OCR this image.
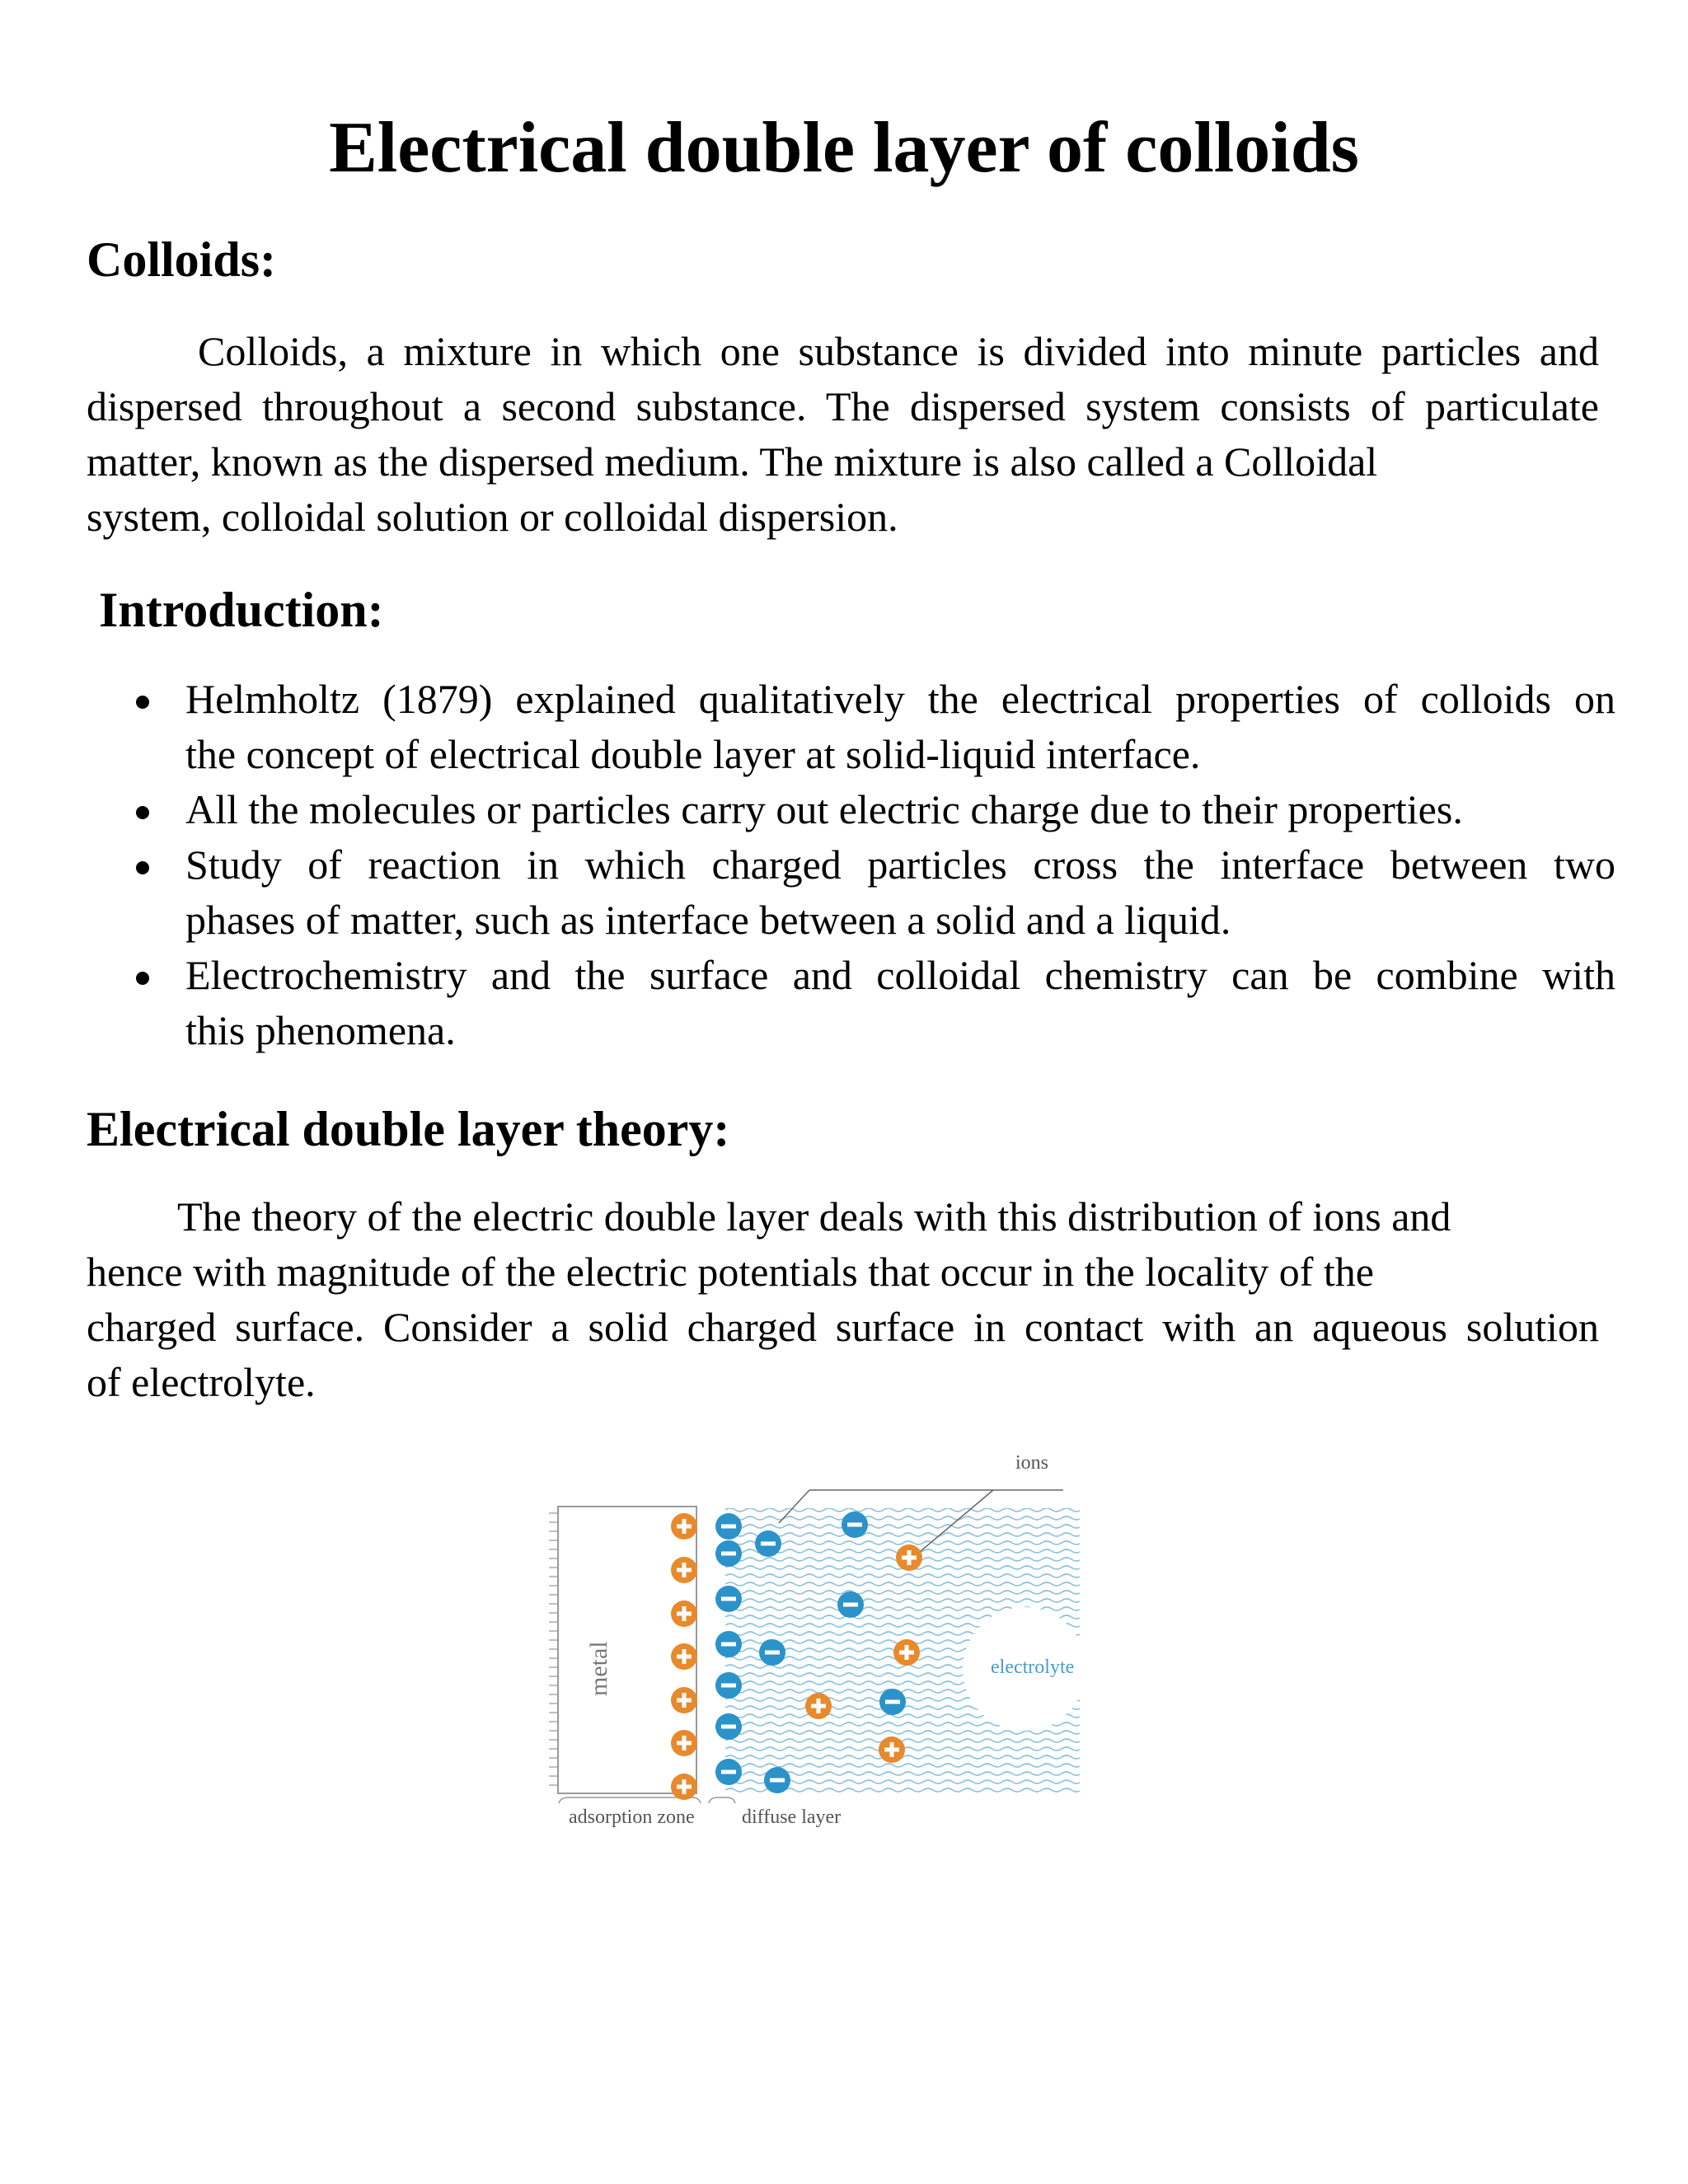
Electrical double layer of colloids
Colloids:
Colloids, a mixture in which one substance is divided into minute particles and
dispersed throughout a second substance. The dispersed system consists of particulate
matter, known as the dispersed medium. The mixture is also called a Colloidal
system, colloidal solution or colloidal dispersion.
Introduction:
Helmholtz (1879) explained qualitatively the electrical properties of colloids on
the concept of electrical double layer at solid-liquid interface.
All the molecules or particles carry out electric charge due to their properties.
Study of reaction in which charged particles cross the interface between two
phases of matter, such as interface between a solid and a liquid.
Electrochemistry and the surface and colloidal chemistry can be combine with
this phenomena.
Electrical double layer theory:
The theory of the electric double layer deals with this distribution of ions and
hence with magnitude of the electric potentials that occur in the locality of the
charged surface. Consider a solid charged surface in contact with an aqueous solution
of electrolyte.
ions
metal	electrolyte
adsorption zone diffuse layer
